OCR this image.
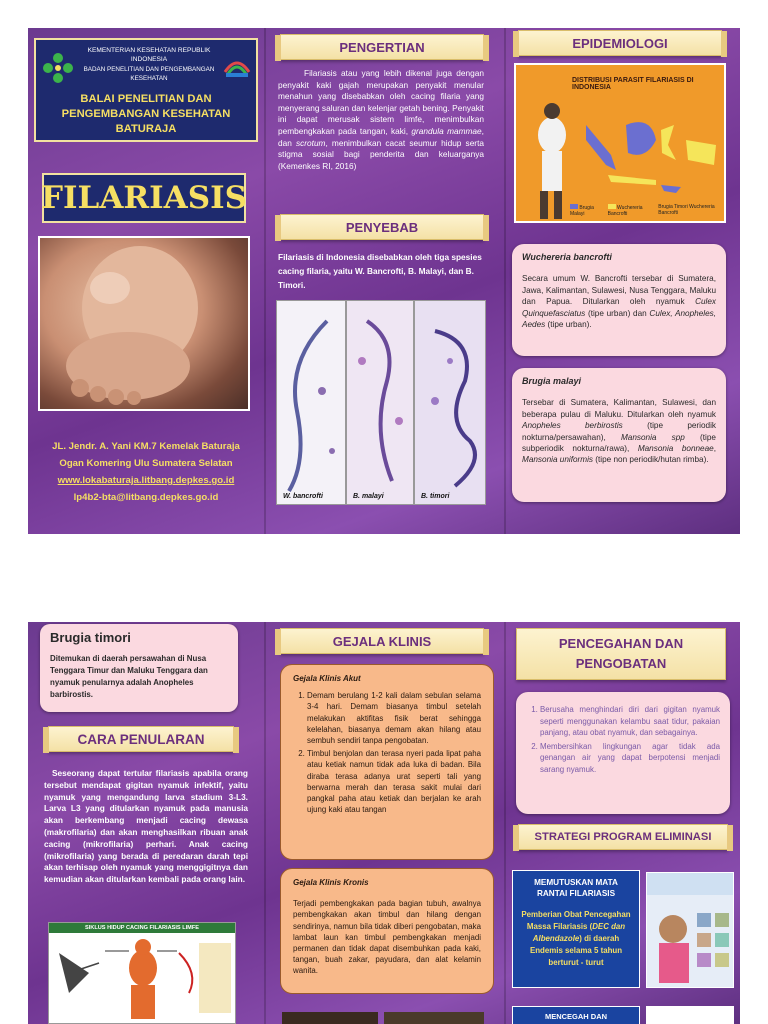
KEMENTERIAN KESEHATAN REPUBLIK INDONESIA
BADAN PENELITIAN DAN PENGEMBANGAN KESEHATAN
BALAI PENELITIAN DAN PENGEMBANGAN KESEHATAN BATURAJA
FILARIASIS
JL. Jendr. A. Yani KM.7 Kemelak Baturaja
Ogan Komering Ulu Sumatera Selatan
www.lokabaturaja.litbang.depkes.go.id
lp4b2-bta@litbang.depkes.go.id
PENGERTIAN
Filariasis atau yang lebih dikenal juga dengan penyakit kaki gajah merupakan penyakit menular menahun yang disebabkan oleh cacing filaria yang menyerang saluran dan kelenjar getah bening. Penyakit ini dapat merusak sistem limfe, menimbulkan pembengkakan pada tangan, kaki, grandula mammae, dan scrotum, menimbulkan cacat seumur hidup serta stigma sosial bagi penderita dan keluarganya (Kemenkes RI, 2016)
PENYEBAB
Filariasis di Indonesia disebabkan oleh tiga spesies cacing filaria, yaitu W. Bancrofti, B. Malayi, dan B. Timori.
W. bancrofti	B. malayi	B. timori
EPIDEMIOLOGI
DISTRIBUSI PARASIT FILARIASIS DI INDONESIA
Brugia Malayi
Wuchereria Bancrofti
Brugia Timori Wuchereria Bancrofti
Wuchereria bancrofti

Secara umum W. Bancrofti tersebar di Sumatera, Jawa, Kalimantan, Sulawesi, Nusa Tenggara, Maluku dan Papua. Ditularkan oleh nyamuk Culex Quinquefasciatus (tipe urban) dan Culex, Anopheles, Aedes (tipe urban).

Brugia malayi

Tersebar di Sumatera, Kalimantan, Sulawesi, dan beberapa pulau di Maluku. Ditularkan oleh nyamuk Anopheles berbirostis (tipe periodik nokturna/persawahan), Mansonia spp (tipe subperiodik nokturna/rawa), Mansonia bonneae, Mansonia uniformis (tipe non periodik/hutan rimba).

Brugia timori

Ditemukan di daerah persawahan di Nusa Tenggara Timur dan Maluku Tenggara dan nyamuk penularnya adalah Anopheles barbirostis.

CARA PENULARAN
Seseorang dapat tertular filariasis apabila orang tersebut mendapat gigitan nyamuk infektif, yaitu nyamuk yang mengandung larva stadium 3-L3. Larva L3 yang ditularkan nyamuk pada manusia akan berkembang menjadi cacing dewasa (makrofilaria) dan akan menghasilkan ribuan anak cacing (mikrofilaria) perhari. Anak cacing (mikrofilaria) yang berada di peredaran darah tepi akan terhisap oleh nyamuk yang menggigitnya dan kemudian akan ditularkan kembali pada orang lain.
SIKLUS HIDUP CACING FILARIASIS LIMFE
GEJALA KLINIS
Gejala Klinis Akut
1. Demam berulang 1-2 kali dalam sebulan selama 3-4 hari. Demam biasanya timbul setelah melakukan aktifitas fisik berat sehingga kelelahan, biasanya demam akan hilang atau sembuh sendiri tanpa pengobatan.
2. Timbul benjolan dan terasa nyeri pada lipat paha atau ketiak namun tidak ada luka di badan. Bila diraba terasa adanya urat seperti tali yang berwarna merah dan terasa sakit mulai dari pangkal paha atau ketiak dan berjalan ke arah ujung kaki atau tangan
Gejala Klinis Kronis

Terjadi pembengkakan pada bagian tubuh, awalnya pembengkakan akan timbul dan hilang dengan sendirinya, namun bila tidak diberi pengobatan, maka lambat laun kan timbul pembengkakan menjadi permanen dan tidak dapat disembuhkan pada kaki, tangan, buah zakar, payudara, dan alat kelamin wanita.

PENCEGAHAN DAN PENGOBATAN
1. Berusaha menghindari diri dari gigitan nyamuk seperti menggunakan kelambu saat tidur, pakaian panjang, atau obat nyamuk, dan sebagainya.
2. Membersihkan lingkungan agar tidak ada genangan air yang dapat berpotensi menjadi sarang nyamuk.
STRATEGI PROGRAM ELIMINASI
MEMUTUSKAN MATA RANTAI FILARIASIS
Pemberian Obat Pencegahan Massa Filariasis (DEC dan Albendazole) di daerah Endemis selama 5 tahun berturut - turut
MENCEGAH DAN
